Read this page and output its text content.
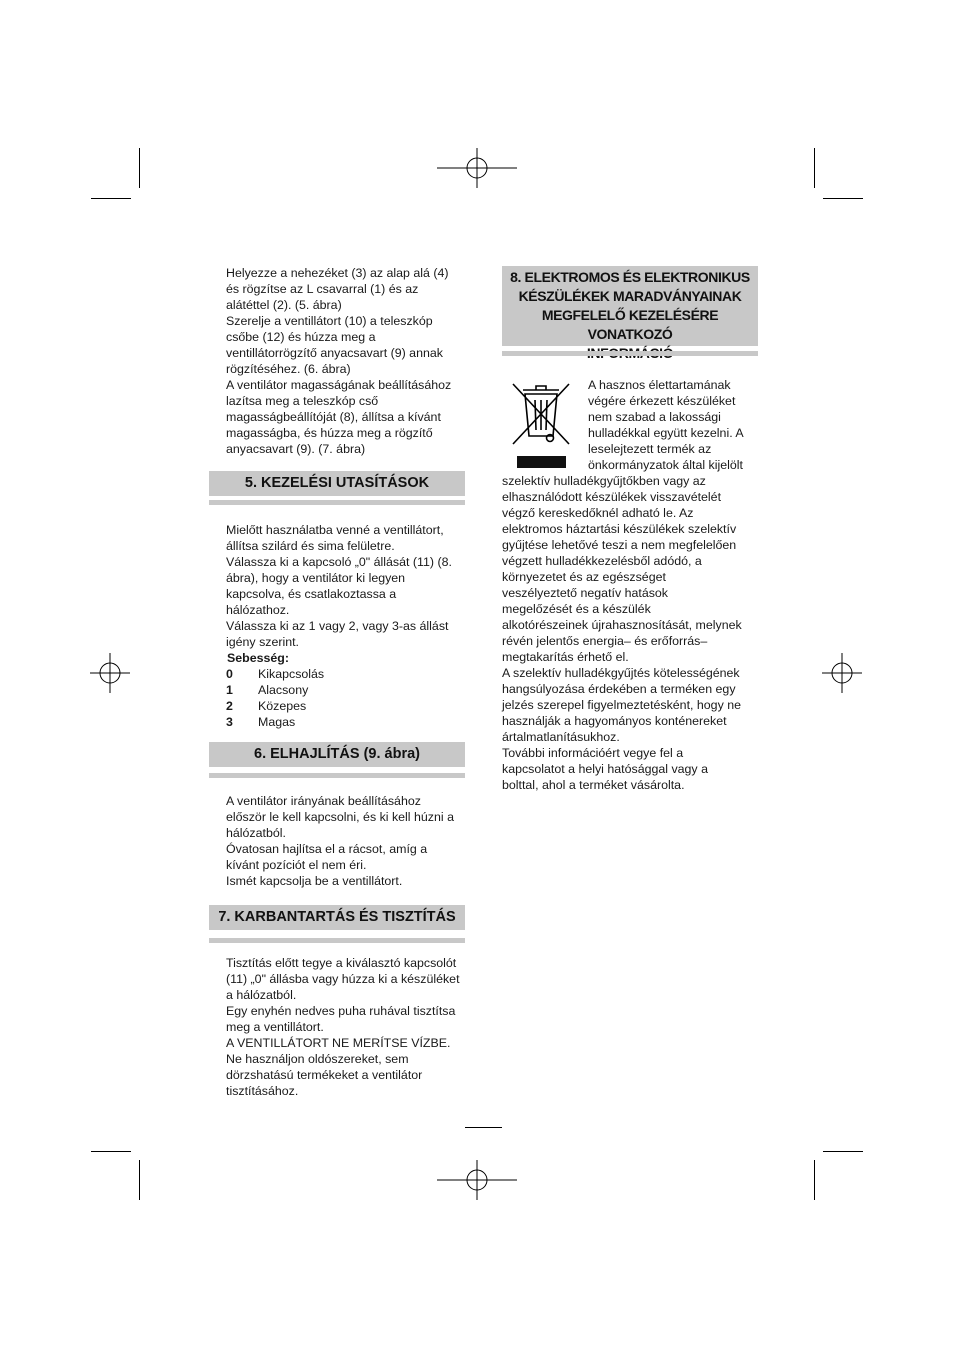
Helyezze a nehezéket (3) az alap alá (4)

és rögzítse az L csavarral (1) és az

alátéttel (2). (5. ábra)

Szerelje a ventillátort (10) a teleszkóp

csőbe (12) és húzza meg a

ventillátorrögzítő anyacsavart (9) annak

rögzítéséhez. (6. ábra)

A ventilátor magasságának beállításához

lazítsa meg a teleszkóp cső

magasságbeállítóját (8), állítsa a kívánt

magasságba, és húzza meg a rögzítő

anyacsavart (9). (7. ábra)

5. KEZELÉSI UTASÍTÁSOK

Mielőtt használatba venné a ventillátort,

állítsa szilárd és sima felületre.

Válassza ki a kapcsoló „0" állását (11) (8.

ábra), hogy a ventilátor ki legyen

kapcsolva, és csatlakoztassa a

hálózathoz.

Válassza ki az 1 vagy 2, vagy 3-as állást

igény szerint.

Sebesség:
0 Kikapcsolás
1 Alacsony
2 Közepes
3 Magas
6. ELHAJLÍTÁS (9. ábra)

A ventilátor irányának beállításához

először le kell kapcsolni, és ki kell húzni a

hálózatból.

Óvatosan hajlítsa el a rácsot, amíg a

kívánt pozíciót el nem éri.

Ismét kapcsolja be a ventillátort.

7. KARBANTARTÁS ÉS TISZTÍTÁS

Tisztítás előtt tegye a kiválasztó kapcsolót

(11) „0" állásba vagy húzza ki a készüléket

a hálózatból.

Egy enyhén nedves puha ruhával tisztítsa

meg a ventillátort.

A VENTILLÁTORT NE MERÍTSE VÍZBE.

Ne használjon oldószereket, sem

dörzshatású termékeket a ventilátor

tisztításához.

8. ELEKTROMOS ÉS ELEKTRONIKUS
KÉSZÜLÉKEK MARADVÁNYAINAK
MEGFELELŐ KEZELÉSÉRE VONATKOZÓ

A hasznos élettartamának

végére érkezett készüléket

nem szabad a lakossági

hulladékkal együtt kezelni. A

leselejtezett termék az

önkormányzatok által kijelölt

szelektív hulladékgyűjtőkben vagy az

elhasználódott készülékek visszavételét

végző kereskedőknél adható le. Az

elektromos háztartási készülékek szelektív

gyűjtése lehetővé teszi a nem megfelelően

végzett hulladékkezelésből adódó, a

környezetet és az egészséget

veszélyeztető negatív hatások

megelőzését és a készülék

alkotórészeinek újrahasznosítását, melynek

révén jelentős energia– és erőforrás–

megtakarítás érhető el.

A szelektív hulladékgyűjtés kötelességének

hangsúlyozása érdekében a terméken egy

jelzés szerepel figyelmeztetésként, hogy ne

használják a hagyományos konténereket

ártalmatlanításukhoz.

További információért vegye fel a

kapcsolatot a helyi hatósággal vagy a

bolttal, ahol a terméket vásárolta.
